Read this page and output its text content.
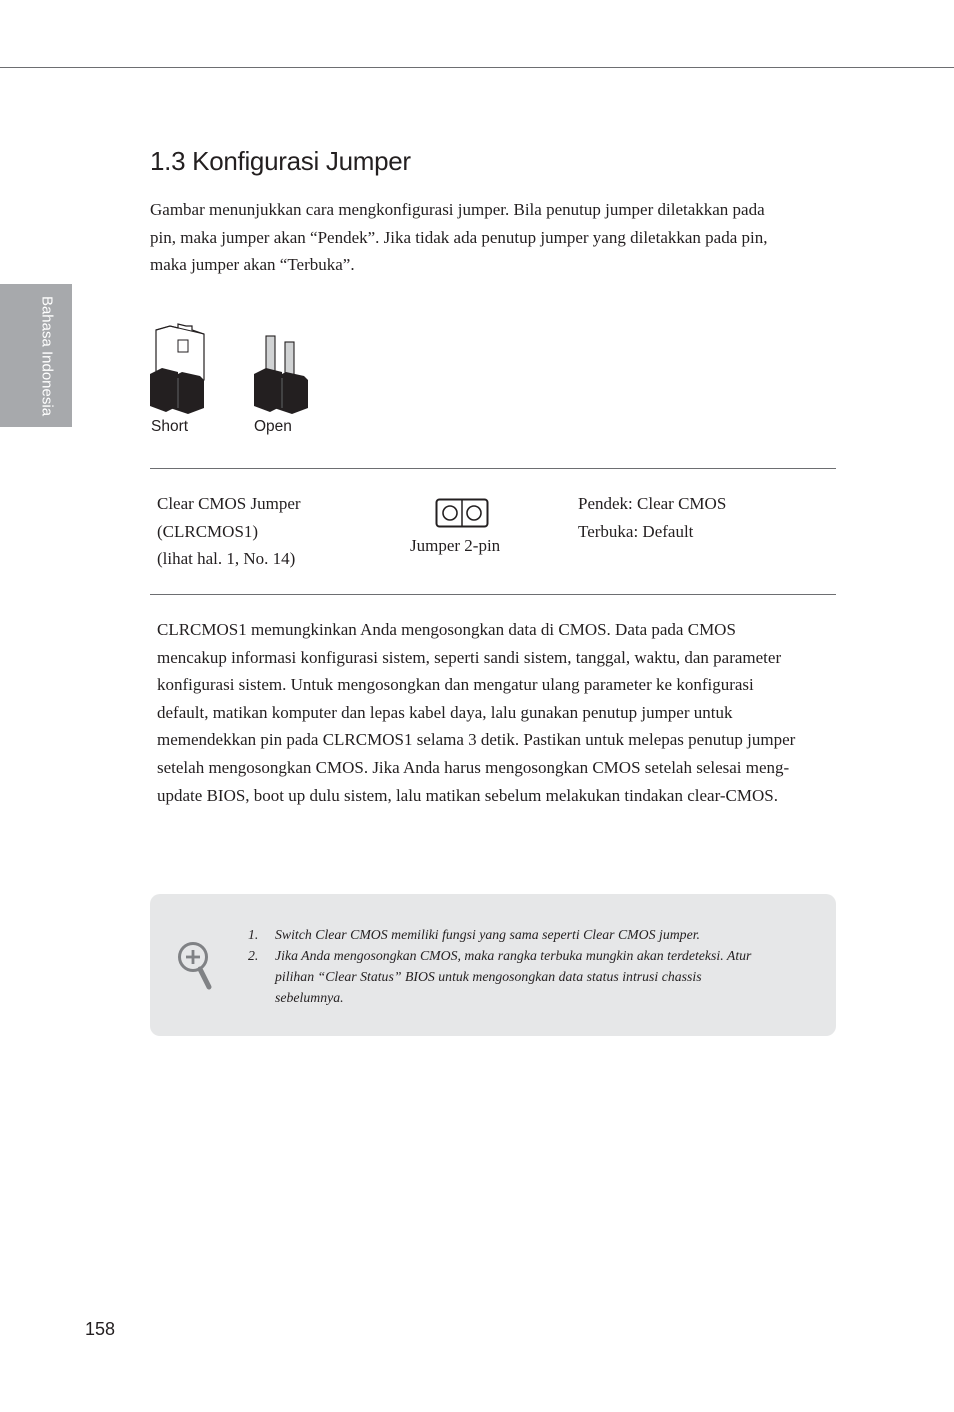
Bahasa Indonesia
1.3 Konfigurasi Jumper

Gambar menunjukkan cara mengkonfigurasi jumper. Bila penutup jumper diletakkan pada pin, maka jumper akan “Pendek”. Jika tidak ada penutup jumper yang diletakkan pada pin, maka jumper akan “Terbuka”.

Short	Open
Clear CMOS Jumper
(CLRCMOS1)
(lihat hal. 1, No. 14)
Jumper 2-pin
Pendek: Clear CMOS
Terbuka: Default

CLRCMOS1 memungkinkan Anda mengosongkan data di CMOS. Data pada CMOS mencakup informasi konfigurasi sistem, seperti sandi sistem, tanggal, waktu, dan parameter konfigurasi sistem. Untuk mengosongkan dan mengatur ulang parameter ke konfigurasi default, matikan komputer dan lepas kabel daya, lalu gunakan penutup jumper untuk memendekkan pin pada CLRCMOS1 selama 3 detik. Pastikan untuk melepas penutup jumper setelah mengosongkan CMOS. Jika Anda harus mengosongkan CMOS setelah selesai meng-update BIOS, boot up dulu sistem, lalu matikan sebelum melakukan tindakan clear-CMOS.

1. Switch Clear CMOS memiliki fungsi yang sama seperti Clear CMOS jumper.
2. Jika Anda mengosongkan CMOS, maka rangka terbuka mungkin akan terdeteksi. Atur pilihan “Clear Status” BIOS untuk mengosongkan data status intrusi chassis sebelumnya.
158
